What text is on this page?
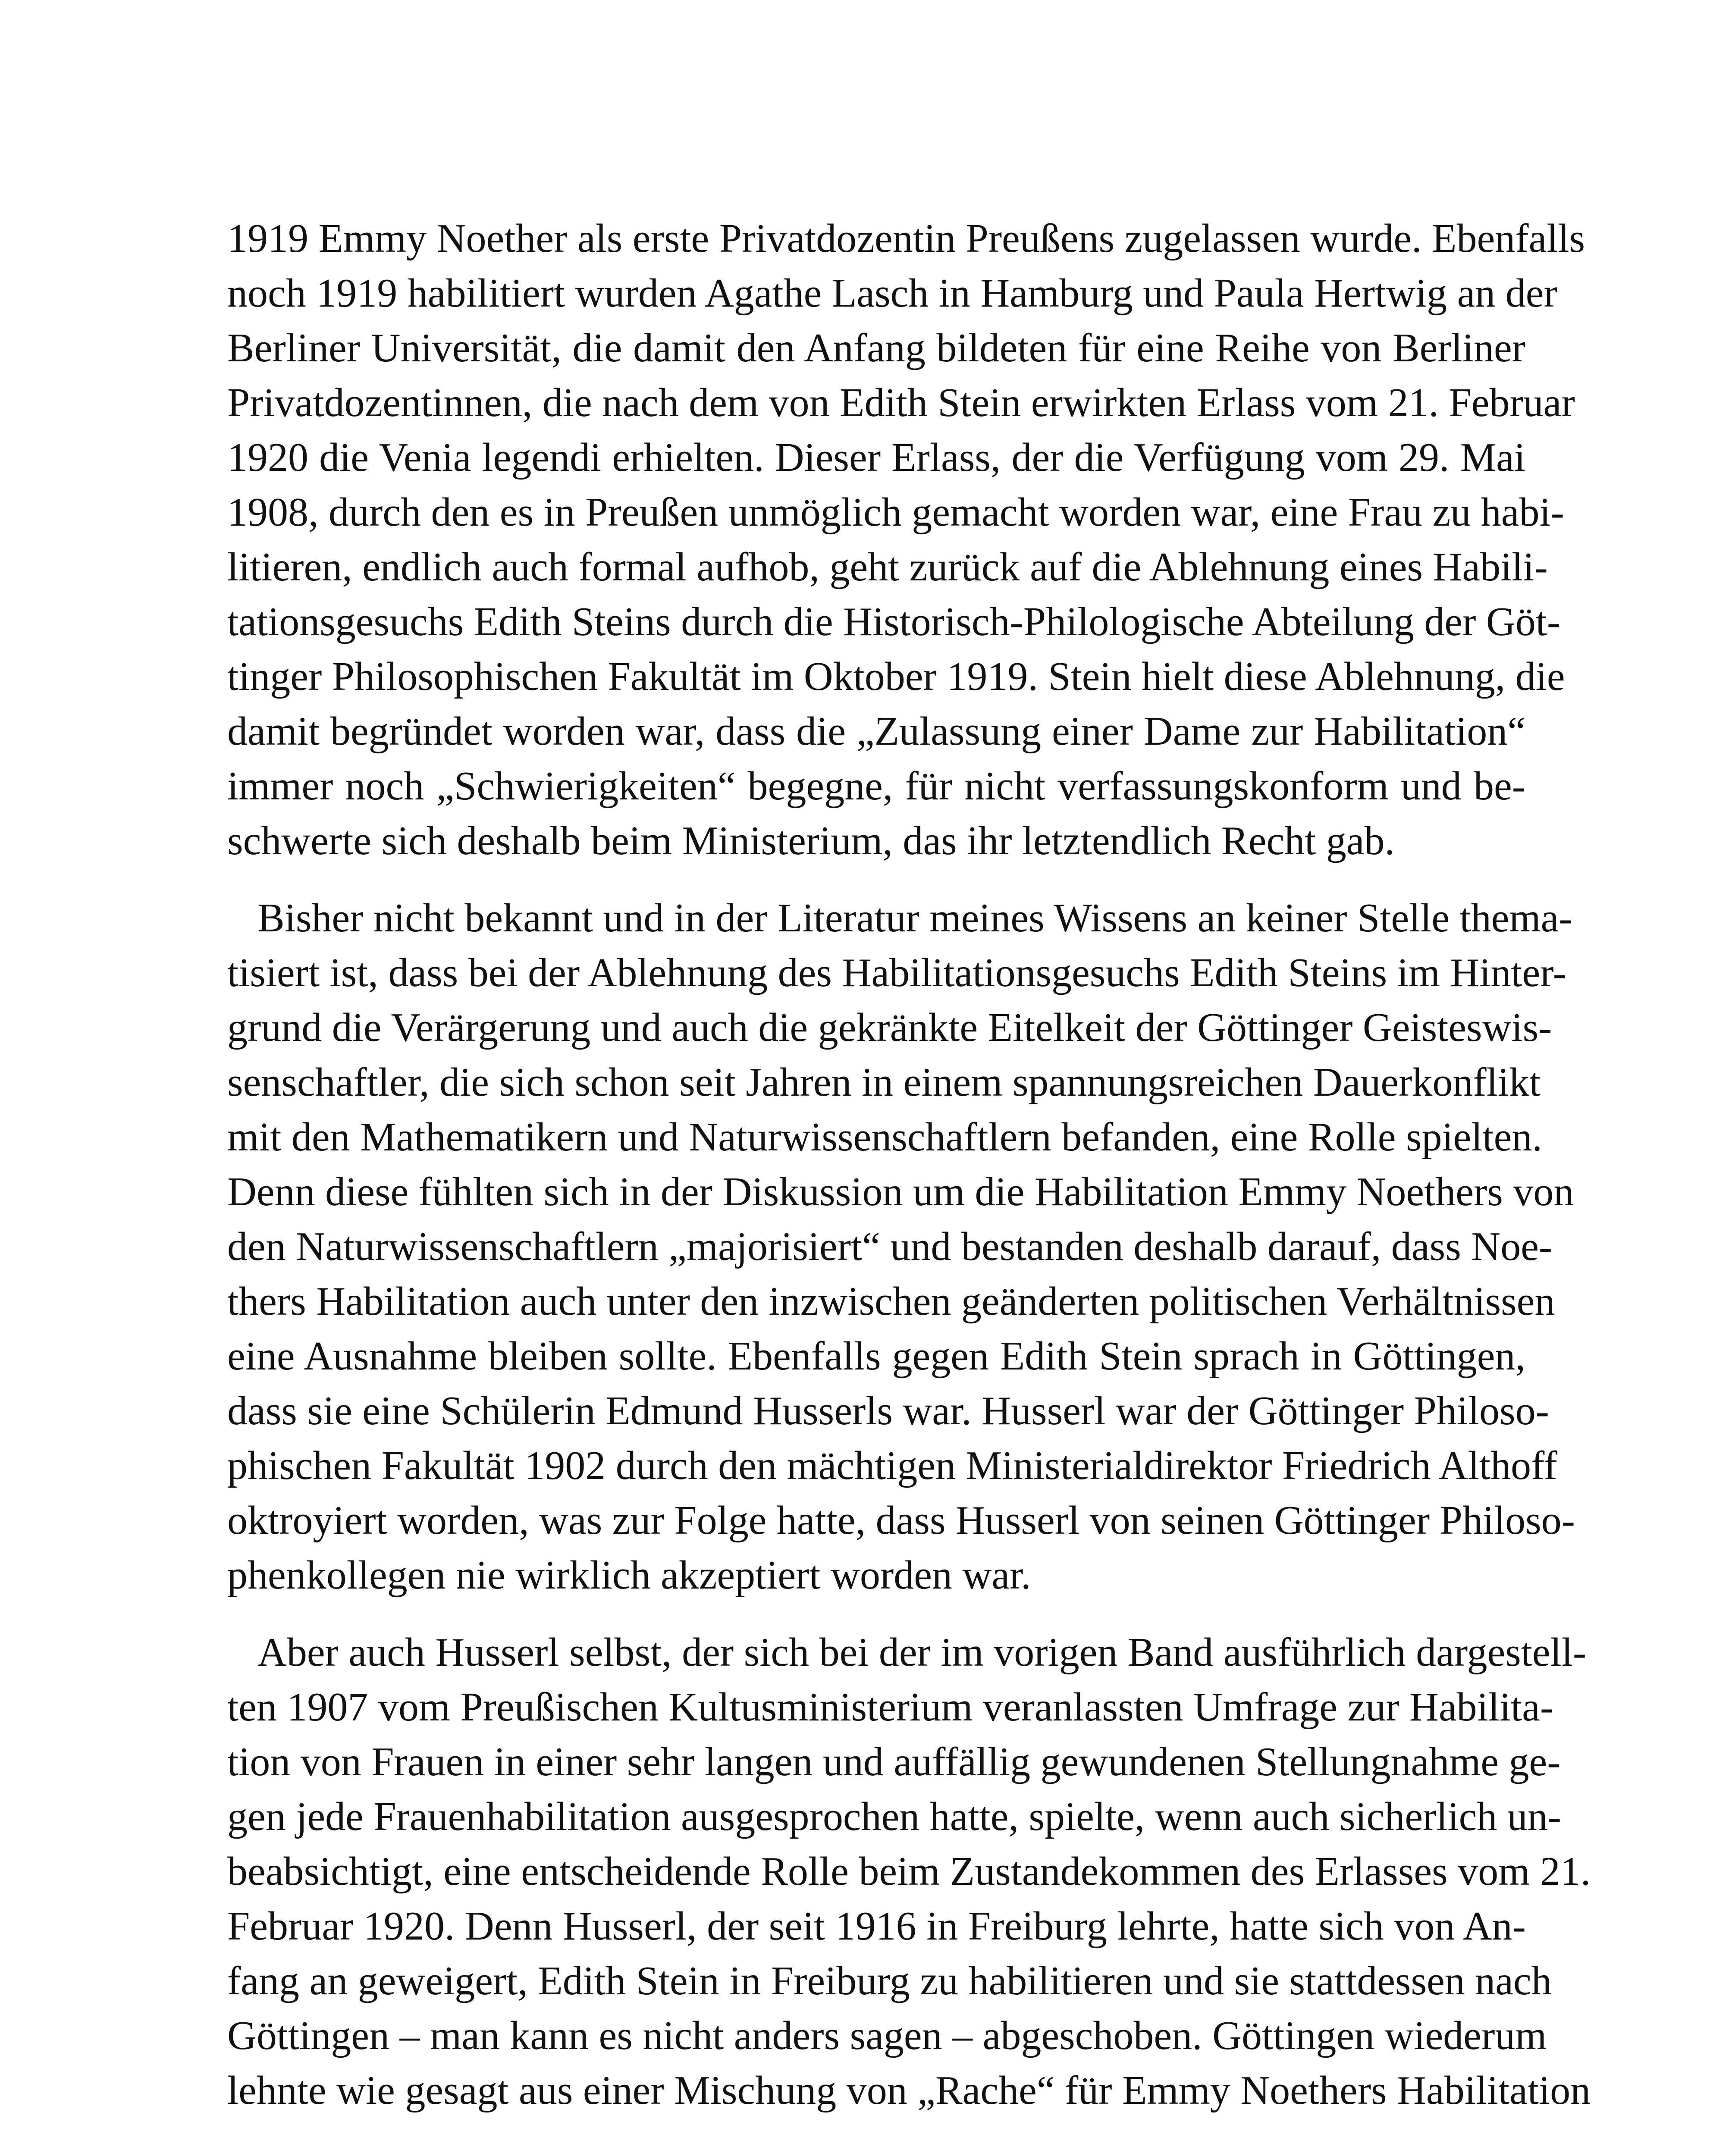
1919 Emmy Noether als erste Privatdozentin Preußens zugelassen wurde. Ebenfalls
noch 1919 habilitiert wurden Agathe Lasch in Hamburg und Paula Hertwig an der
Berliner Universität, die damit den Anfang bildeten für eine Reihe von Berliner
Privatdozentinnen, die nach dem von Edith Stein erwirkten Erlass vom 21. Februar
1920 die Venia legendi erhielten. Dieser Erlass, der die Verfügung vom 29. Mai
1908, durch den es in Preußen unmöglich gemacht worden war, eine Frau zu habi-
litieren, endlich auch formal aufhob, geht zurück auf die Ablehnung eines Habili-
tationsgesuchs Edith Steins durch die Historisch-Philologische Abteilung der Göt-
tinger Philosophischen Fakultät im Oktober 1919. Stein hielt diese Ablehnung, die
damit begründet worden war, dass die „Zulassung einer Dame zur Habilitation“
immer noch „Schwierigkeiten“ begegne, für nicht verfassungskonform und be-
schwerte sich deshalb beim Ministerium, das ihr letztendlich Recht gab.
Bisher nicht bekannt und in der Literatur meines Wissens an keiner Stelle thema-
tisiert ist, dass bei der Ablehnung des Habilitationsgesuchs Edith Steins im Hinter-
grund die Verärgerung und auch die gekränkte Eitelkeit der Göttinger Geisteswis-
senschaftler, die sich schon seit Jahren in einem spannungsreichen Dauerkonflikt
mit den Mathematikern und Naturwissenschaftlern befanden, eine Rolle spielten.
Denn diese fühlten sich in der Diskussion um die Habilitation Emmy Noethers von
den Naturwissenschaftlern „majorisiert“ und bestanden deshalb darauf, dass Noe-
thers Habilitation auch unter den inzwischen geänderten politischen Verhältnissen
eine Ausnahme bleiben sollte. Ebenfalls gegen Edith Stein sprach in Göttingen,
dass sie eine Schülerin Edmund Husserls war. Husserl war der Göttinger Philoso-
phischen Fakultät 1902 durch den mächtigen Ministerialdirektor Friedrich Althoff
oktroyiert worden, was zur Folge hatte, dass Husserl von seinen Göttinger Philoso-
phenkollegen nie wirklich akzeptiert worden war.
Aber auch Husserl selbst, der sich bei der im vorigen Band ausführlich dargestell-
ten 1907 vom Preußischen Kultusministerium veranlassten Umfrage zur Habilita-
tion von Frauen in einer sehr langen und auffällig gewundenen Stellungnahme ge-
gen jede Frauenhabilitation ausgesprochen hatte, spielte, wenn auch sicherlich un-
beabsichtigt, eine entscheidende Rolle beim Zustandekommen des Erlasses vom 21.
Februar 1920. Denn Husserl, der seit 1916 in Freiburg lehrte, hatte sich von An-
fang an geweigert, Edith Stein in Freiburg zu habilitieren und sie stattdessen nach
Göttingen – man kann es nicht anders sagen – abgeschoben. Göttingen wiederum
lehnte wie gesagt aus einer Mischung von „Rache“ für Emmy Noethers Habilitation
